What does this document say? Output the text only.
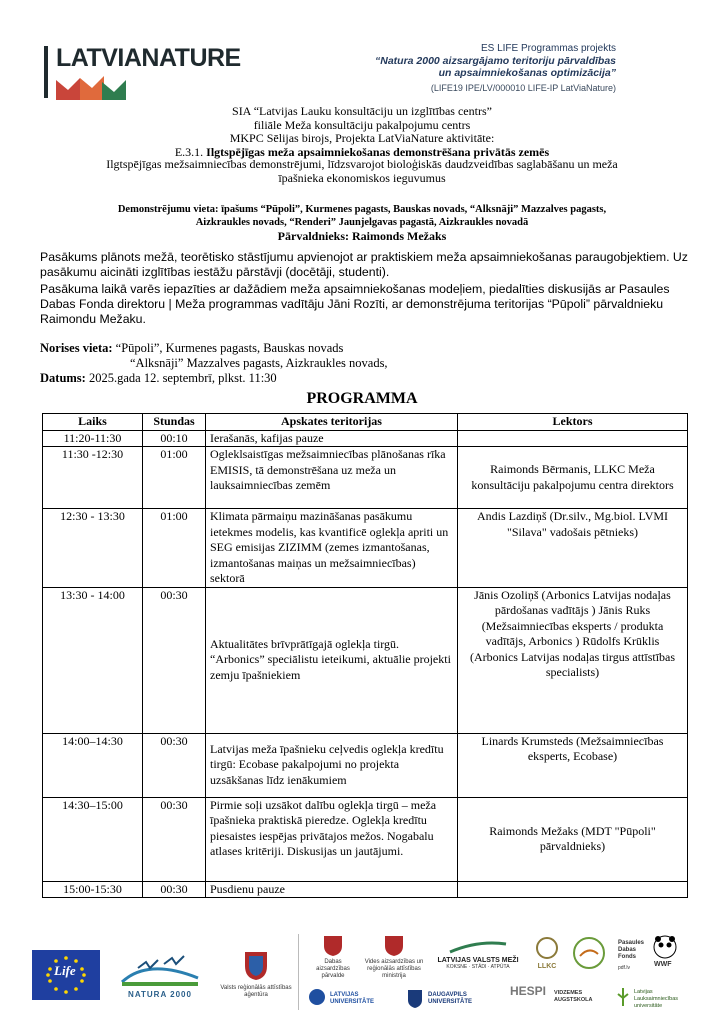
LATVIANATURE	ES LIFE Programmas projekts
“Natura 2000 aizsargājamo teritoriju pārvaldības
un apsaimniekošanas optimizācija”
(LIFE19 IPE/LV/000010 LIFE-IP LatViaNature)
SIA “Latvijas Lauku konsultāciju un izglītības centrs”
filiāle Meža konsultāciju pakalpojumu centrs
MKPC Sēlijas birojs, Projekta LatViaNature aktivitāte:
E.3.1. Ilgtspējīgas meža apsaimniekošanas demonstrēšana privātās zemēs
Ilgtspējīgas mežsaimniecības demonstrējumi, līdzsvarojot bioloģiskās daudzveidības saglabāšanu un meža
īpašnieka ekonomiskos ieguvumus
Demonstrējumu vieta: īpašums “Pūpoli”, Kurmenes pagasts, Bauskas novads, “Alksnāji” Mazzalves pagasts,
Aizkraukles novads, “Renderi” Jaunjelgavas pagastā, Aizkraukles novadā
Pārvaldnieks: Raimonds Mežaks
Pasākums plānots mežā, teorētisko stāstījumu apvienojot ar praktiskiem meža apsaimniekošanas paraugobjektiem. Uz pasākumu aicināti izglītības iestāžu pārstāvji (docētāji, studenti).
Pasākuma laikā varēs iepazīties ar dažādiem meža apsaimniekošanas modeļiem, piedalīties diskusijās ar Pasaules Dabas Fonda direktoru | Meža programmas vadītāju Jāni Rozīti, ar demonstrējuma teritorijas “Pūpoli” pārvaldnieku Raimondu Mežaku.
Norises vieta: “Pūpoli”, Kurmenes pagasts, Bauskas novads
“Alksnāji” Mazzalves pagasts, Aizkraukles novads,
Datums: 2025.gada 12. septembrī, plkst. 11:30
PROGRAMMA
Laiks	Stundas	Apskates teritorijas	Lektors
11:20-11:30	00:10	Ierašanās, kafijas pauze	
11:30 -12:30	01:00	Ogleklsaistīgas mežsaimniecības plānošanas rīka EMISIS, tā demonstrēšana uz meža un lauksaimniecības zemēm	Raimonds Bērmanis, LLKC Meža konsultāciju pakalpojumu centra direktors
12:30 - 13:30	01:00	Klimata pārmaiņu mazināšanas pasākumu ietekmes modelis, kas kvantificē oglekļa apriti un SEG emisijas ZIZIMM (zemes izmantošanas, izmantošanas maiņas un mežsaimniecības) sektorā	Andis Lazdiņš (Dr.silv., Mg.biol. LVMI "Silava" vadošais pētnieks)
13:30 - 14:00	00:30	Aktualitātes brīvprātīgajā oglekļa tirgū. “Arbonics” speciālistu ieteikumi, aktuālie projekti zemju īpašniekiem	Jānis Ozoliņš (Arbonics Latvijas nodaļas pārdošanas vadītājs ) Jānis Ruks (Mežsaimniecības eksperts / produkta vadītājs, Arbonics ) Rūdolfs Krūklis (Arbonics Latvijas nodaļas tirgus attīstības specialists)
14:00–14:30	00:30	Latvijas meža īpašnieku ceļvedis oglekļa kredītu tirgū: Ecobase pakalpojumi no projekta uzsākšanas līdz ienākumiem	Linards Krumsteds (Mežsaimniecības eksperts, Ecobase)
14:30–15:00	00:30	Pirmie soļi uzsākot dalību oglekļa tirgū – meža īpašnieka praktiskā pieredze. Oglekļa kredītu piesaistes iespējas privātajos mežos. Nogabalu atlases kritēriji. Diskusijas un jautājumi.	Raimonds Mežaks (MDT "Pūpoli" pārvaldnieks)
15:00-15:30	00:30	Pusdienu pauze	
Life
NATURA 2000
Valsts reģionālās attīstības aģentūra
Dabas aizsardzības pārvalde
Vides aizsardzības un reģionālās attīstības ministrija
LATVIJAS VALSTS MEŽI
KOKSNE · STĀDI · ATPŪTA	LLKC
Pasaules Dabas Fonds
WWF
pdf.lv
LATVIJAS UNIVERSITĀTE
DAUGAVPILS UNIVERSITĀTE
HESPI VIDZEMES AUGSTSKOLA
Latvijas Lauksaimniecības universitāte
